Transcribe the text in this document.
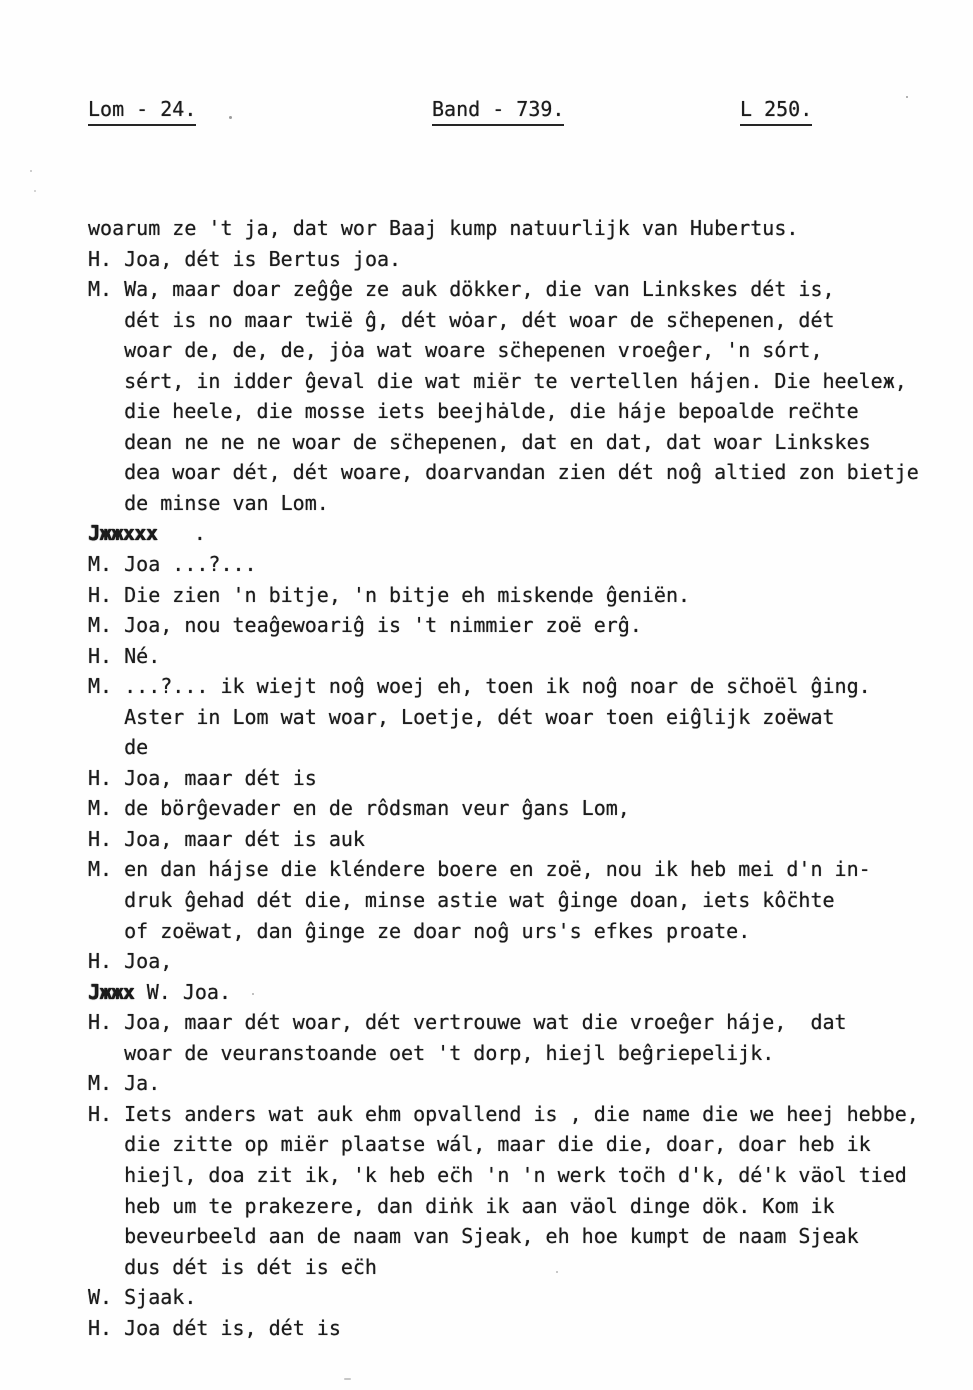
Lom - 24.	Band - 739.	L 250.
woarum ze 't ja, dat wor Baaj kump natuurlijk van Hubertus.
H. Joa, dét is Bertus joa.
M. Wa, maar doar zeĝĝe ze auk dökker, die van Linkskes dét is,
dét is no maar twië ĝ, dét wȯar, dét woar de sc̈hepenen, dét
woar de, de, de, jȯa wat woare sc̈hepenen vroeĝer, 'n sórt,
sért, in idder ĝeval die wat miër te vertellen hájen. Die heeleж,
die heele, die mosse iets beejhȧlde, die háje bepoalde rec̈hte
dean ne ne ne woar de sc̈hepenen, dat en dat, dat woar Linkskes
dea woar dét, dét woare, doarvandan zien dét noĝ altied zon bietje
de minse van Lom.
Jжжxxx   .
M. Joa ...?...
H. Die zien 'n bitje, 'n bitje eh miskende ĝeniën.
M. Joa, nou teaĝewoariĝ is 't nimmier zoë erĝ.
H. Né.
M. ...?... ik wiejt noĝ woej eh, toen ik noĝ noar de sc̈hoël ĝing.
Aster in Lom wat woar, Loetje, dét woar toen eiĝlijk zoëwat
de
H. Joa, maar dét is
M. de börĝevader en de rôdsman veur ĝans Lom,
H. Joa, maar dét is auk
M. en dan hájse die kléndere boere en zoë, nou ik heb mei d'n in-
druk ĝehad dét die, minse astie wat ĝinge doan, iets kôc̈hte
of zoëwat, dan ĝinge ze doar noĝ urs's efkes proate.
H. Joa,
Jжжx W. Joa.
H. Joa, maar dét woar, dét vertrouwe wat die vroeĝer háje,  dat
woar de veuranstoande oet 't dorp, hiejl beĝriepelijk.
M. Ja.
H. Iets anders wat auk ehm opvallend is , die name die we heej hebbe,
die zitte op miër plaatse wál, maar die die, doar, doar heb ik
hiejl, doa zit ik, 'k heb ec̈h 'n 'n werk toc̈h d'k, dé'k väol tied
heb um te prakezere, dan diṅk ik aan väol dinge dök. Kom ik
beveurbeeld aan de naam van Sjeak, eh hoe kumpt de naam Sjeak
dus dét is dét is ec̈h
W. Sjaak.
H. Joa dét is, dét is
